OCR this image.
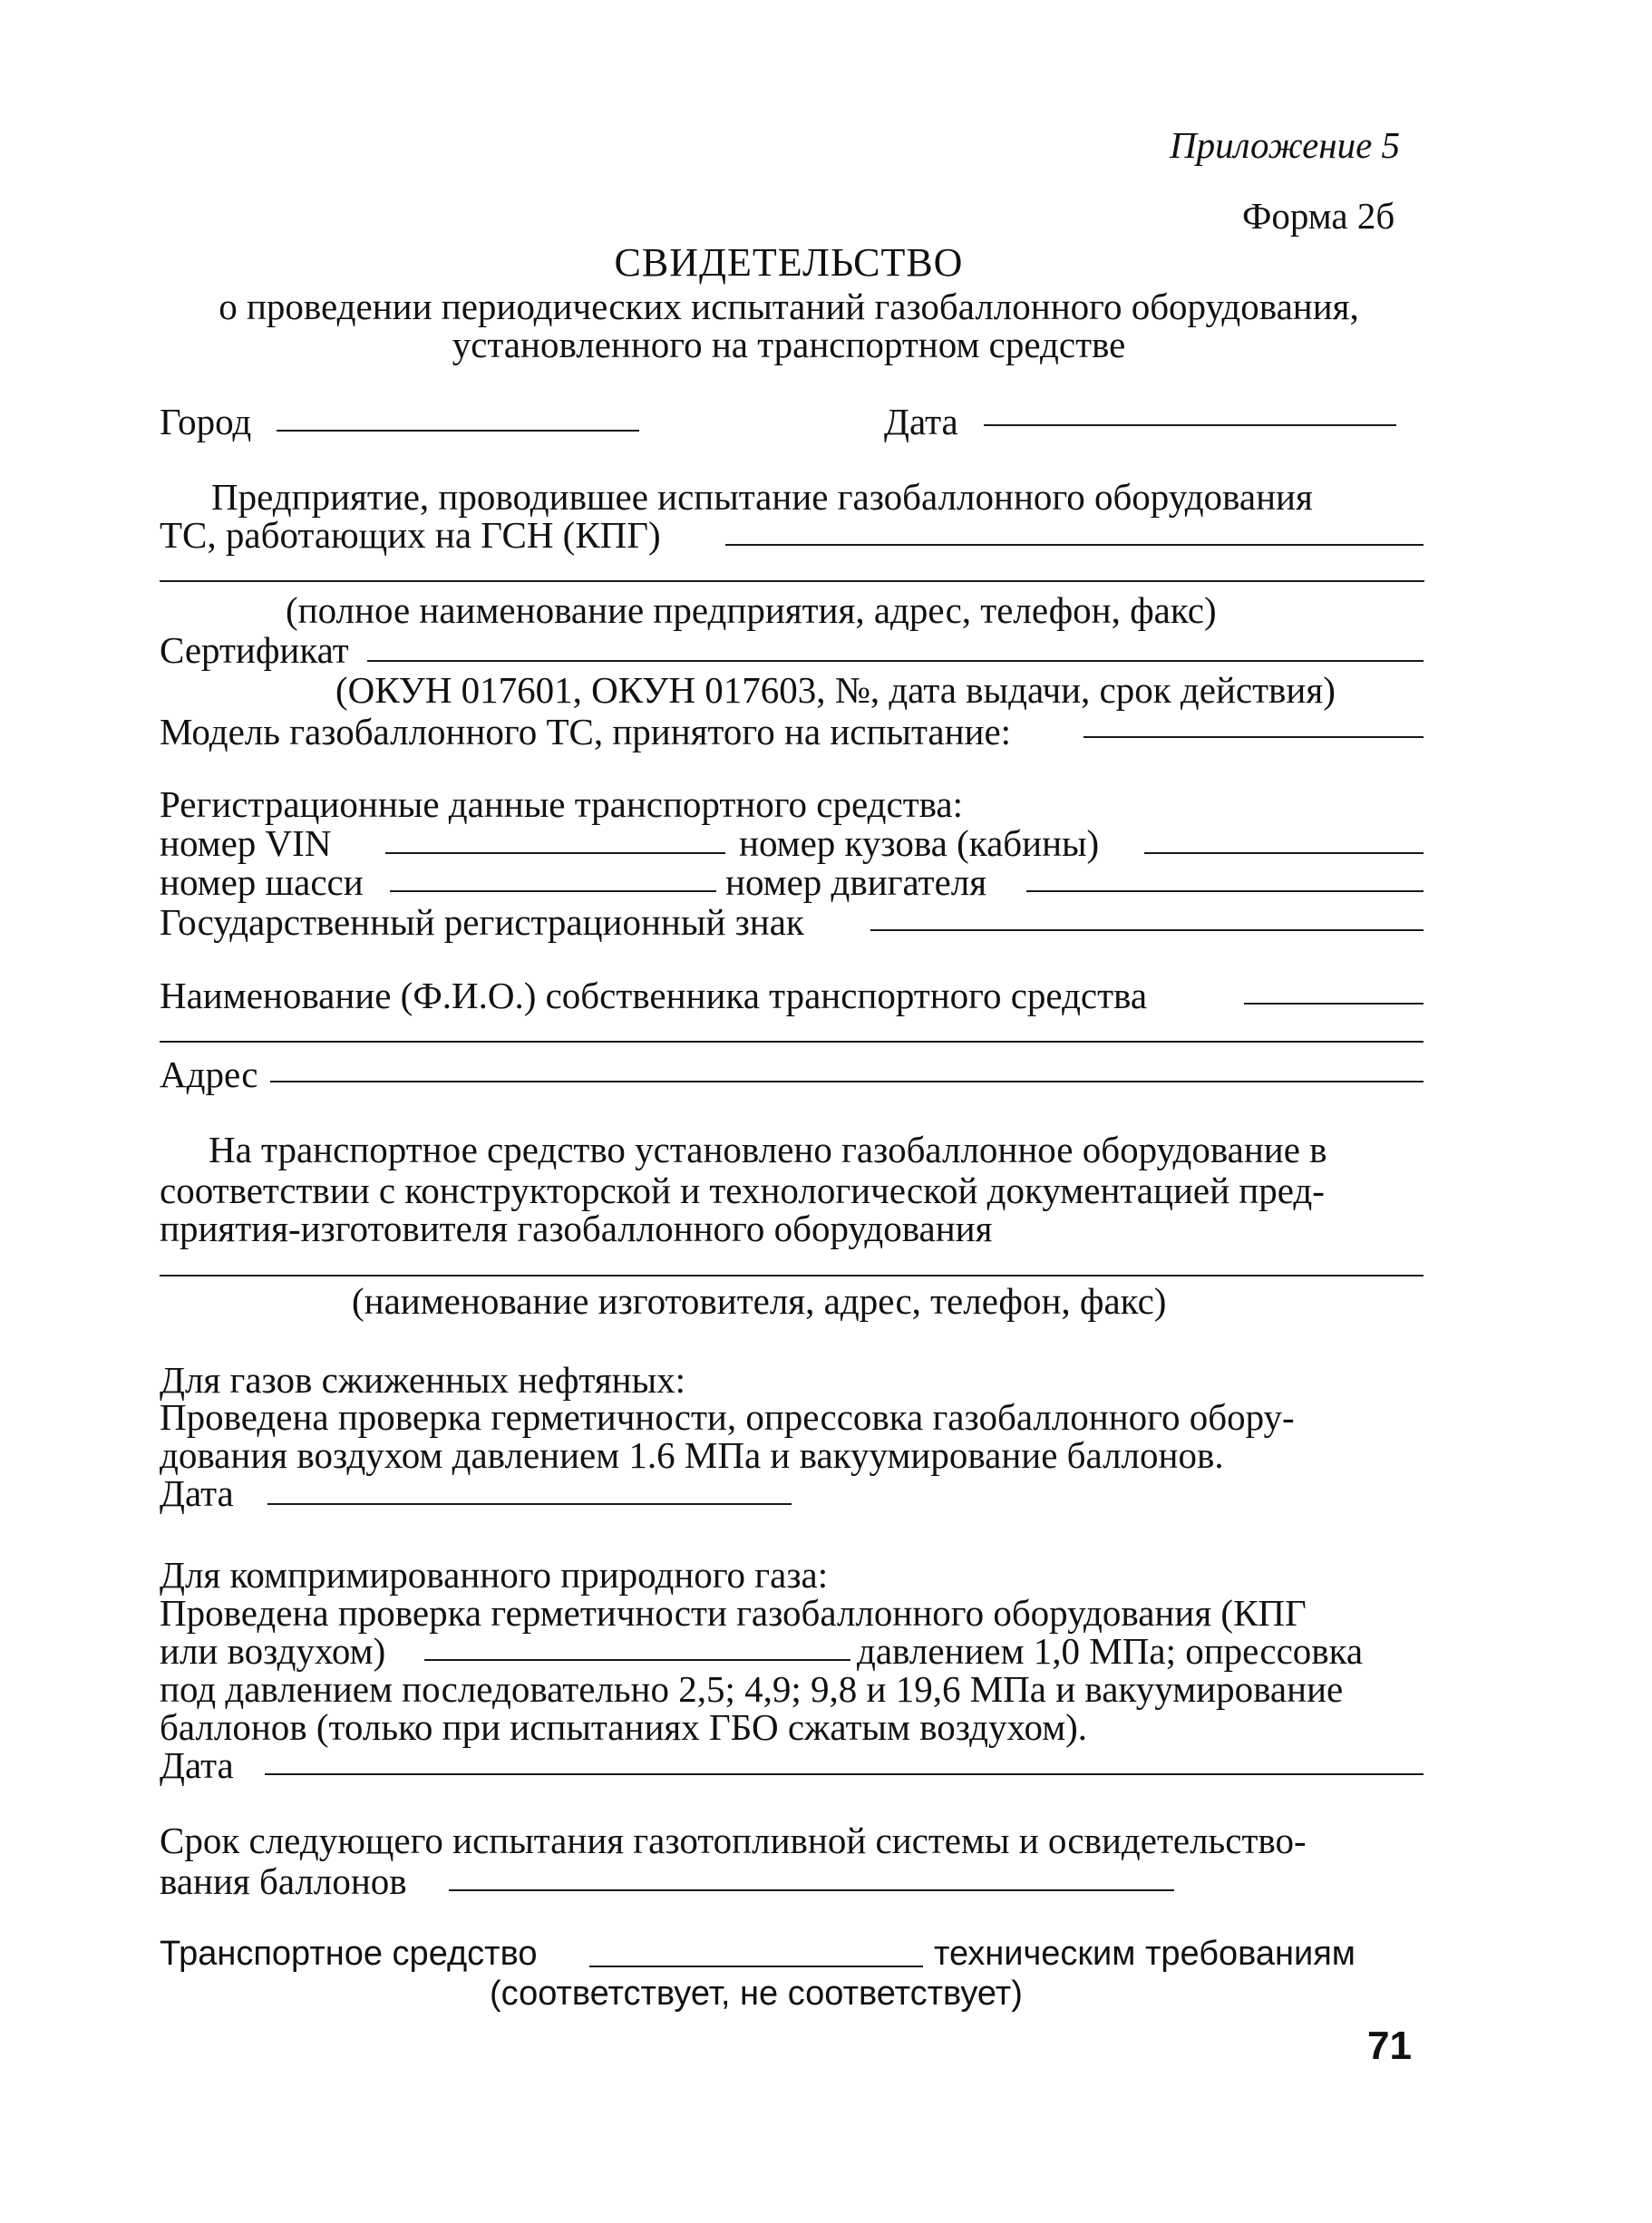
Приложение 5

Форма 2б

СВИДЕТЕЛЬСТВО

о проведении периодических испытаний газобаллонного оборудования,

установленного на транспортном средстве

Город	Дата

Предприятие, проводившее испытание газобаллонного оборудования

ТС, работающих на ГСН (КПГ)

(полное наименование предприятия, адрес, телефон, факс)

Сертификат

(ОКУН 017601, ОКУН 017603, №, дата выдачи, срок действия)

Модель газобаллонного ТС, принятого на испытание:

Регистрационные данные транспортного средства:

номер VIN	номер кузова (кабины)

номер шасси	номер двигателя

Государственный регистрационный знак

Наименование (Ф.И.О.) собственника транспортного средства

Адрес

На транспортное средство установлено газобаллонное оборудование в

соответствии с конструкторской и технологической документацией пред-

приятия-изготовителя газобаллонного оборудования

(наименование изготовителя, адрес, телефон, факс)

Для газов сжиженных нефтяных:

Проведена проверка герметичности, опрессовка газобаллонного обору-

дования воздухом давлением 1.6 МПа и вакуумирование баллонов.

Дата

Для компримированного природного газа:

Проведена проверка герметичности газобаллонного оборудования (КПГ

или воздухом)	давлением 1,0 МПа; опрессовка

под давлением последовательно 2,5; 4,9; 9,8 и 19,6 МПа и вакуумирование

баллонов (только при испытаниях ГБО сжатым воздухом).

Дата

Срок следующего испытания газотопливной системы и освидетельство-

вания баллонов

Транспортное средство	техническим требованиям

(соответствует, не соответствует)

71
